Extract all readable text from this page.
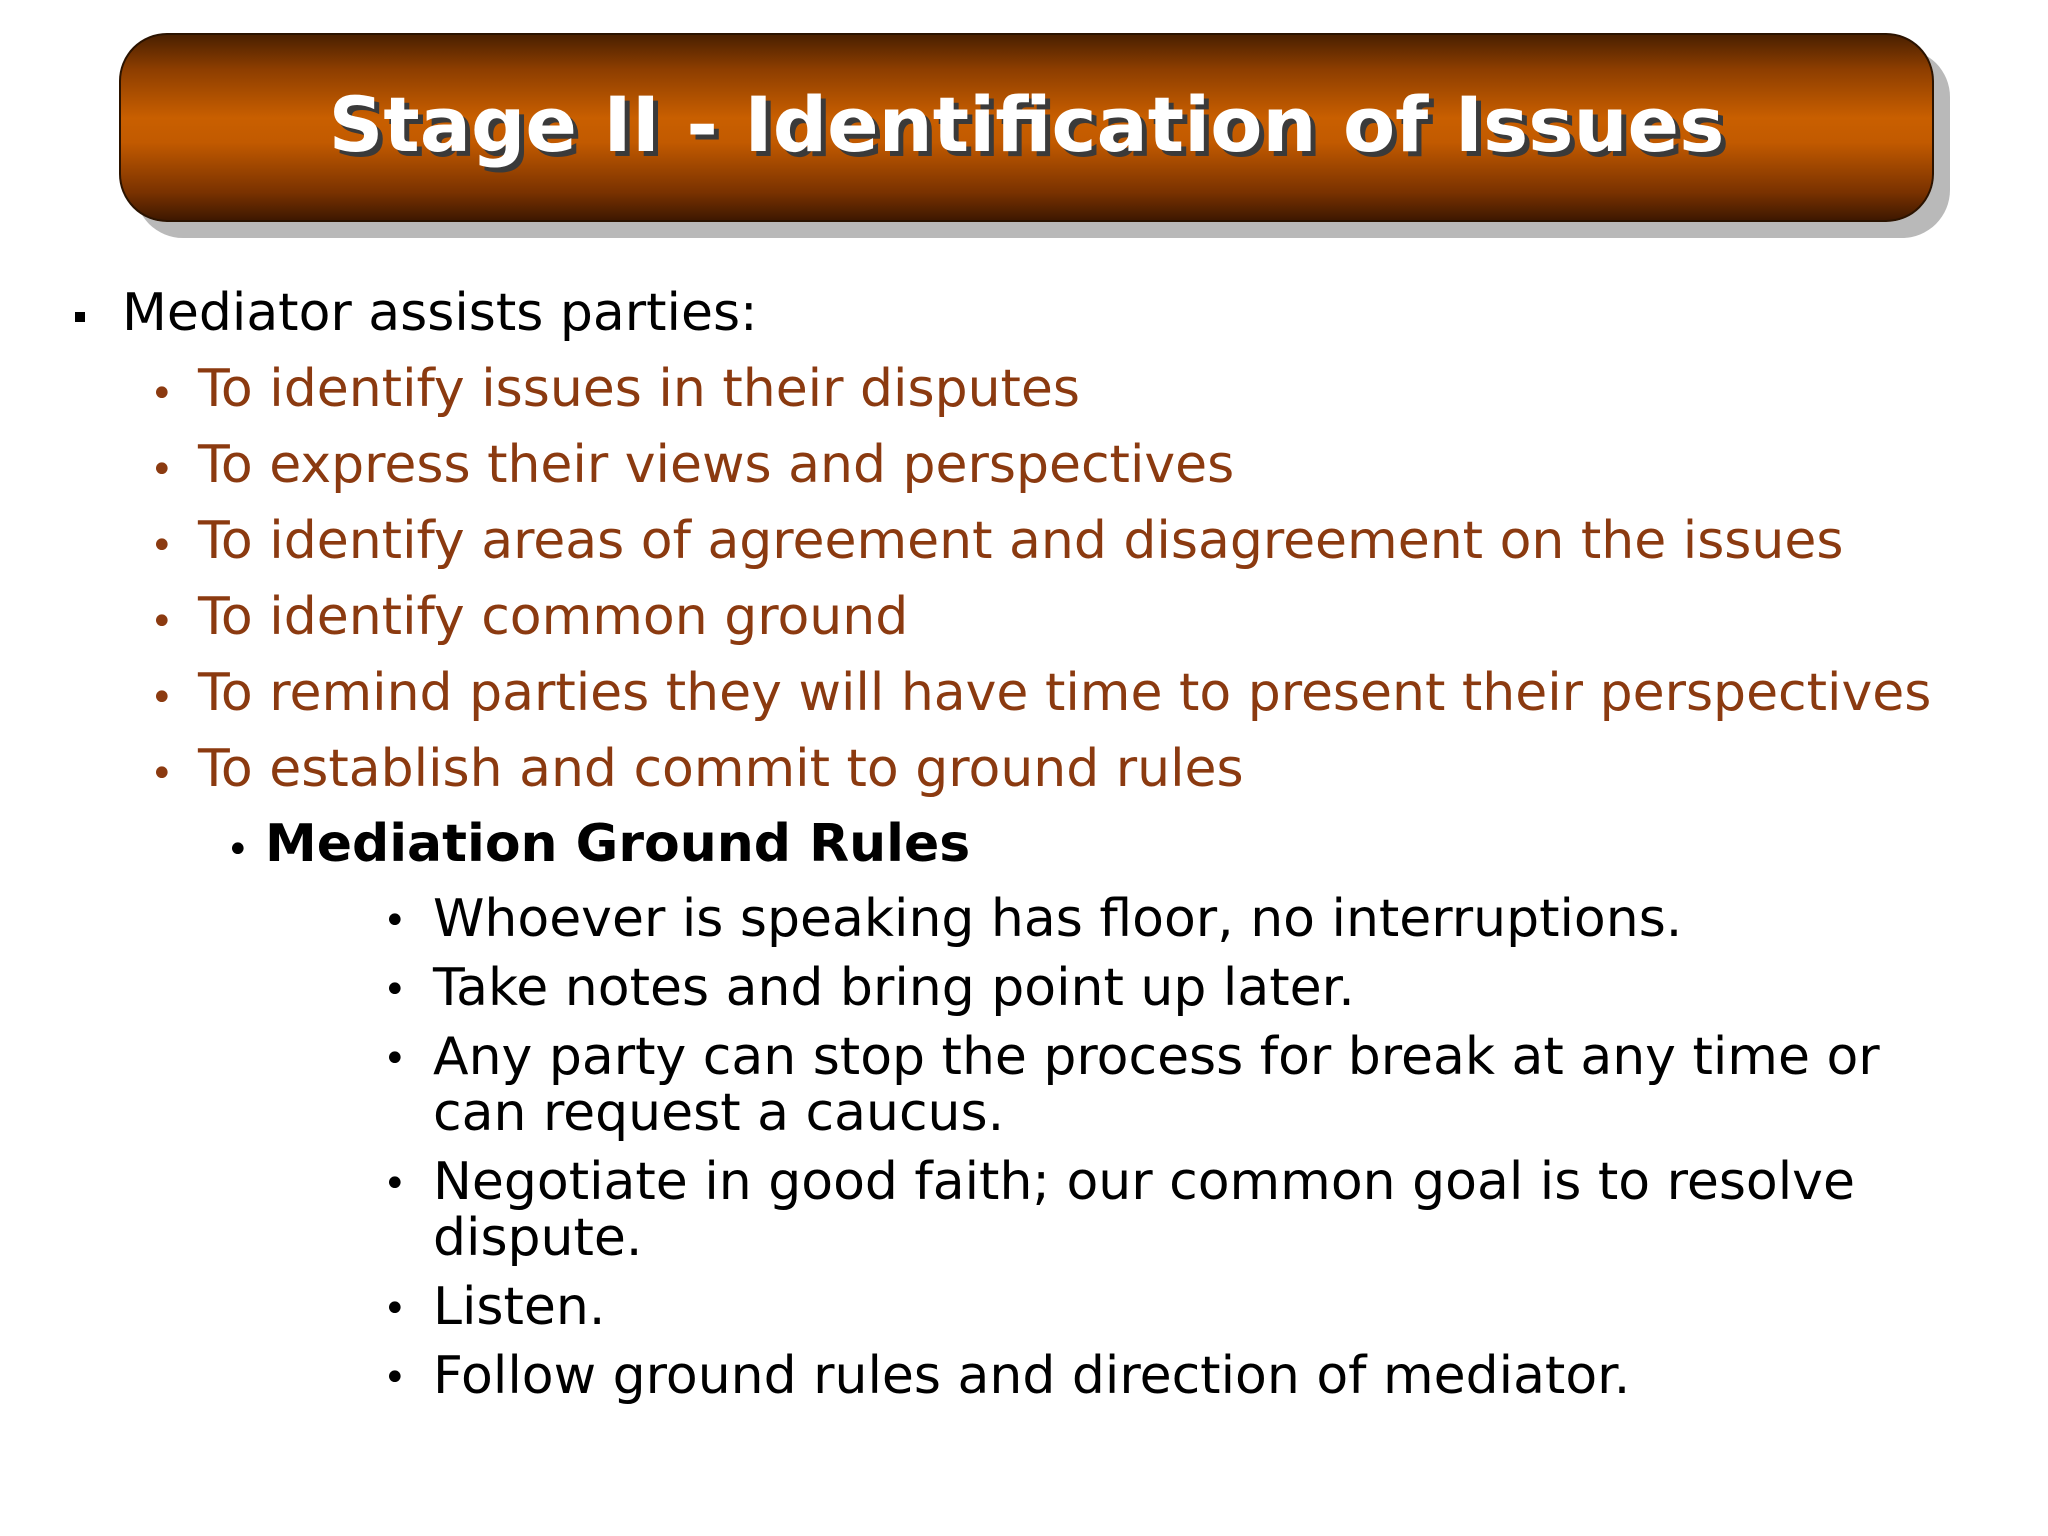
Stage II - Identification of Issues
Mediator assists parties:
• To identify issues in their disputes
• To express their views and perspectives
• To identify areas of agreement and disagreement on the issues
• To identify common ground
• To remind parties they will have time to present their perspectives
• To establish and commit to ground rules
• Mediation Ground Rules
• Whoever is speaking has floor, no interruptions.
• Take notes and bring point up later.
• Any party can stop the process for break at any time or can request a caucus.
• Negotiate in good faith; our common goal is to resolve dispute.
• Listen.
• Follow ground rules and direction of mediator.
